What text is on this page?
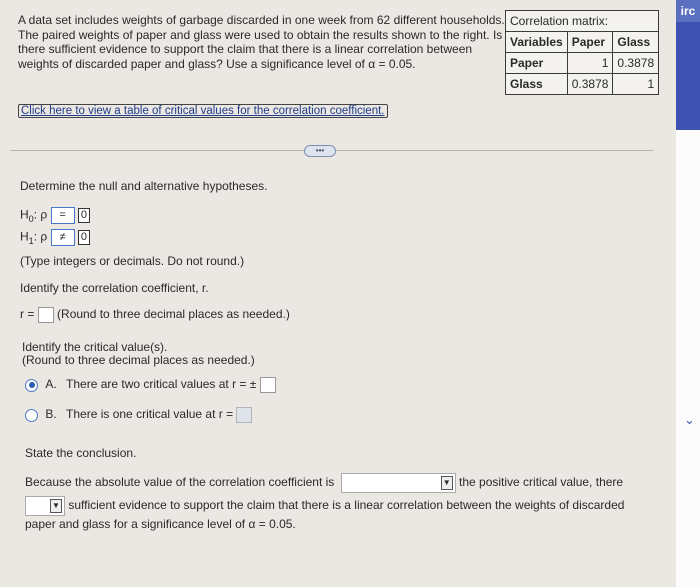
A data set includes weights of garbage discarded in one week from 62 different households. The paired weights of paper and glass were used to obtain the results shown to the right. Is there sufficient evidence to support the claim that there is a linear correlation between weights of discarded paper and glass? Use a significance level of α = 0.05.
Correlation matrix:		
Variables	Paper	Glass
Paper	1	0.3878
Glass	0.3878	1
Click here to view a table of critical values for the correlation coefficient.
•••
Determine the null and alternative hypotheses.
$H_0$: ρ = 0
$H_1$: ρ ≠ 0
(Type integers or decimals. Do not round.)
Identify the correlation coefficient, r.
r = (Round to three decimal places as needed.)
Identify the critical value(s).
(Round to three decimal places as needed.)
A. There are two critical values at r = ±
B. There is one critical value at r =
State the conclusion.
Because the absolute value of the correlation coefficient is	▼ the positive critical value, there
▼ sufficient evidence to support the claim that there is a linear correlation between the weights of discarded
paper and glass for a significance level of α = 0.05.
irc
⌄
